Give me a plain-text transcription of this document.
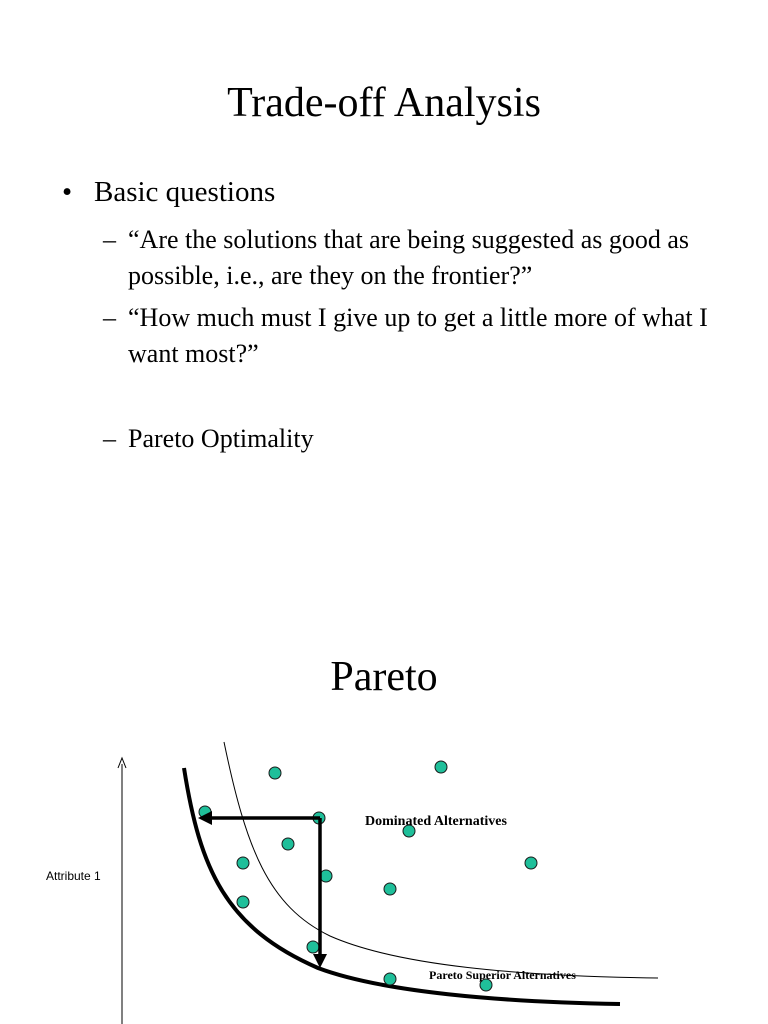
Trade-off Analysis
• Basic questions
– “Are the solutions that are being suggested as good as possible, i.e., are they on the frontier?”
– “How much must I give up to get a little more of what I want most?”
– Pareto Optimality
Pareto
Attribute 1
Dominated Alternatives
Pareto Superior Alternatives
